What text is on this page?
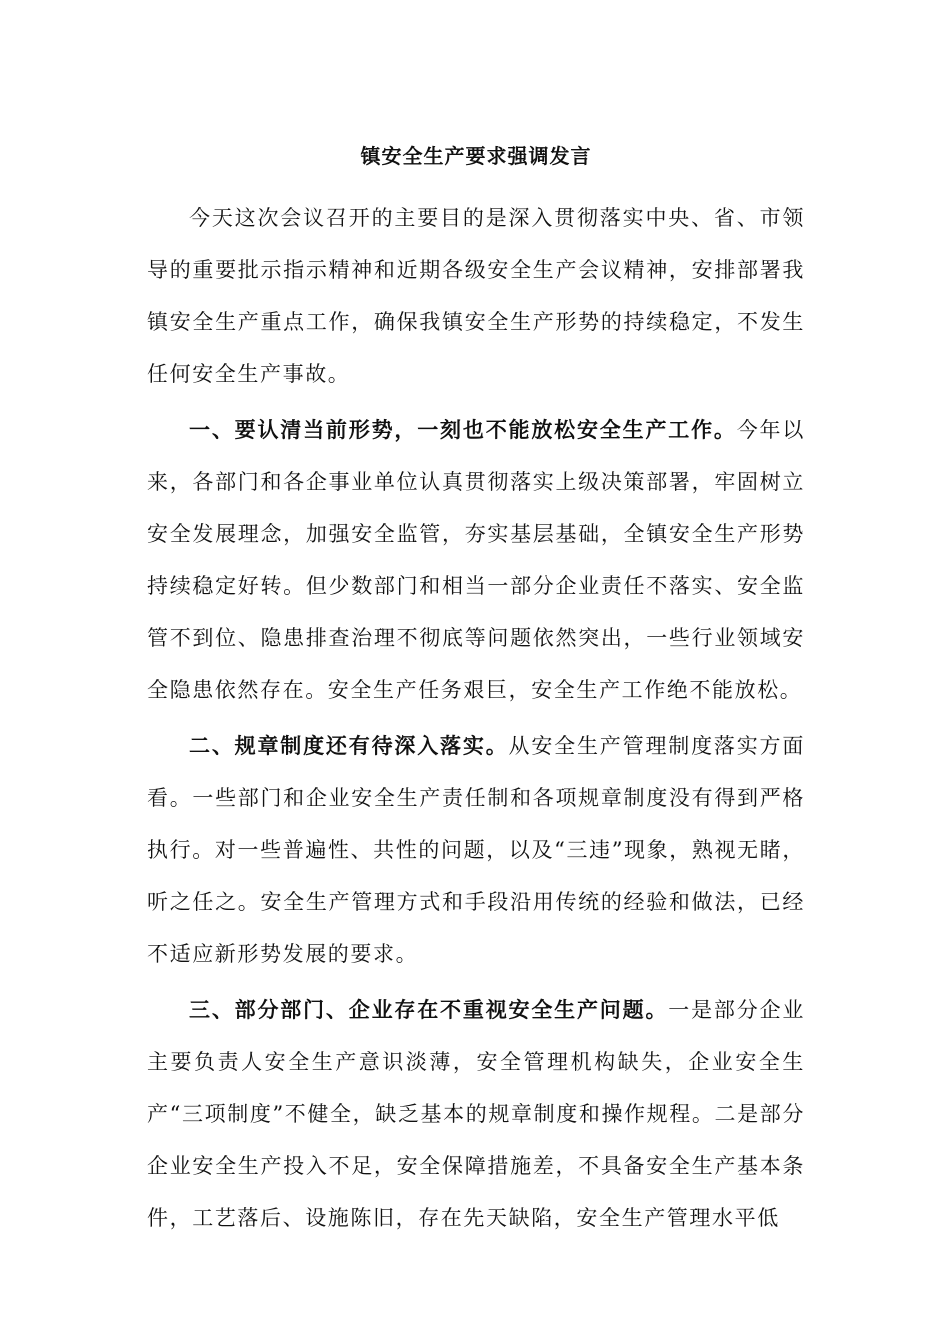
镇安全生产要求强调发言

今天这次会议召开的主要目的是深入贯彻落实中央、省、市领导的重要批示指示精神和近期各级安全生产会议精神，安排部署我镇安全生产重点工作，确保我镇安全生产形势的持续稳定，不发生任何安全生产事故。

一、要认清当前形势，一刻也不能放松安全生产工作。今年以来，各部门和各企事业单位认真贯彻落实上级决策部署，牢固树立安全发展理念，加强安全监管，夯实基层基础，全镇安全生产形势持续稳定好转。但少数部门和相当一部分企业责任不落实、安全监管不到位、隐患排查治理不彻底等问题依然突出，一些行业领域安全隐患依然存在。安全生产任务艰巨，安全生产工作绝不能放松。

二、规章制度还有待深入落实。从安全生产管理制度落实方面看。一些部门和企业安全生产责任制和各项规章制度没有得到严格执行。对一些普遍性、共性的问题，以及“三违”现象，熟视无睹，听之任之。安全生产管理方式和手段沿用传统的经验和做法，已经不适应新形势发展的要求。

三、部分部门、企业存在不重视安全生产问题。一是部分企业主要负责人安全生产意识淡薄，安全管理机构缺失，企业安全生产“三项制度”不健全，缺乏基本的规章制度和操作规程。二是部分企业安全生产投入不足，安全保障措施差，不具备安全生产基本条件，工艺落后、设施陈旧，存在先天缺陷，安全生产管理水平低
